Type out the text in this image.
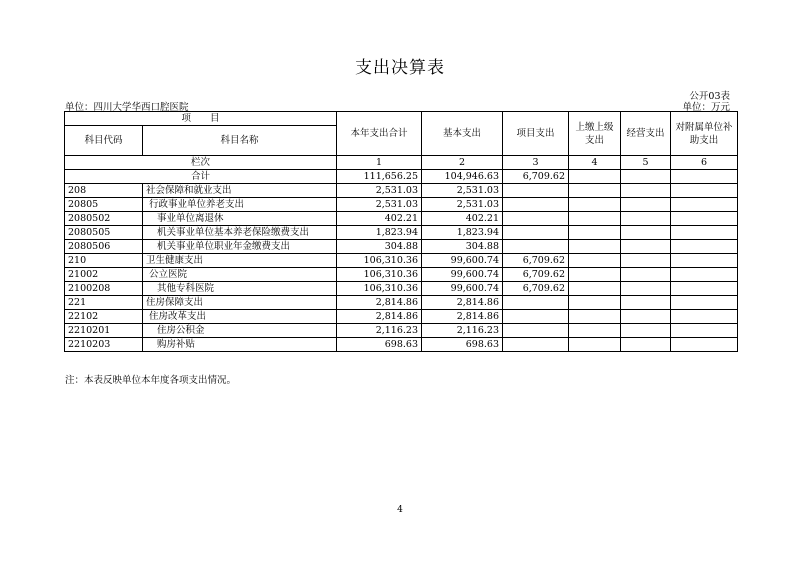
支出决算表
公开03表
单位：四川大学华西口腔医院	单位：万元
项　　目		本年支出合计	基本支出	项目支出	上缴上级支出	经营支出	对附属单位补助支出
科目代码	科目名称						
栏次		1	2	3	4	5	6
合计		111,656.25	104,946.63	6,709.62			
208	社会保障和就业支出	2,531.03	2,531.03				
20805	行政事业单位养老支出	2,531.03	2,531.03				
2080502	事业单位离退休	402.21	402.21				
2080505	机关事业单位基本养老保险缴费支出	1,823.94	1,823.94				
2080506	机关事业单位职业年金缴费支出	304.88	304.88				
210	卫生健康支出	106,310.36	99,600.74	6,709.62			
21002	公立医院	106,310.36	99,600.74	6,709.62			
2100208	其他专科医院	106,310.36	99,600.74	6,709.62			
221	住房保障支出	2,814.86	2,814.86				
22102	住房改革支出	2,814.86	2,814.86				
2210201	住房公积金	2,116.23	2,116.23				
2210203	购房补贴	698.63	698.63				
注：本表反映单位本年度各项支出情况。
4
